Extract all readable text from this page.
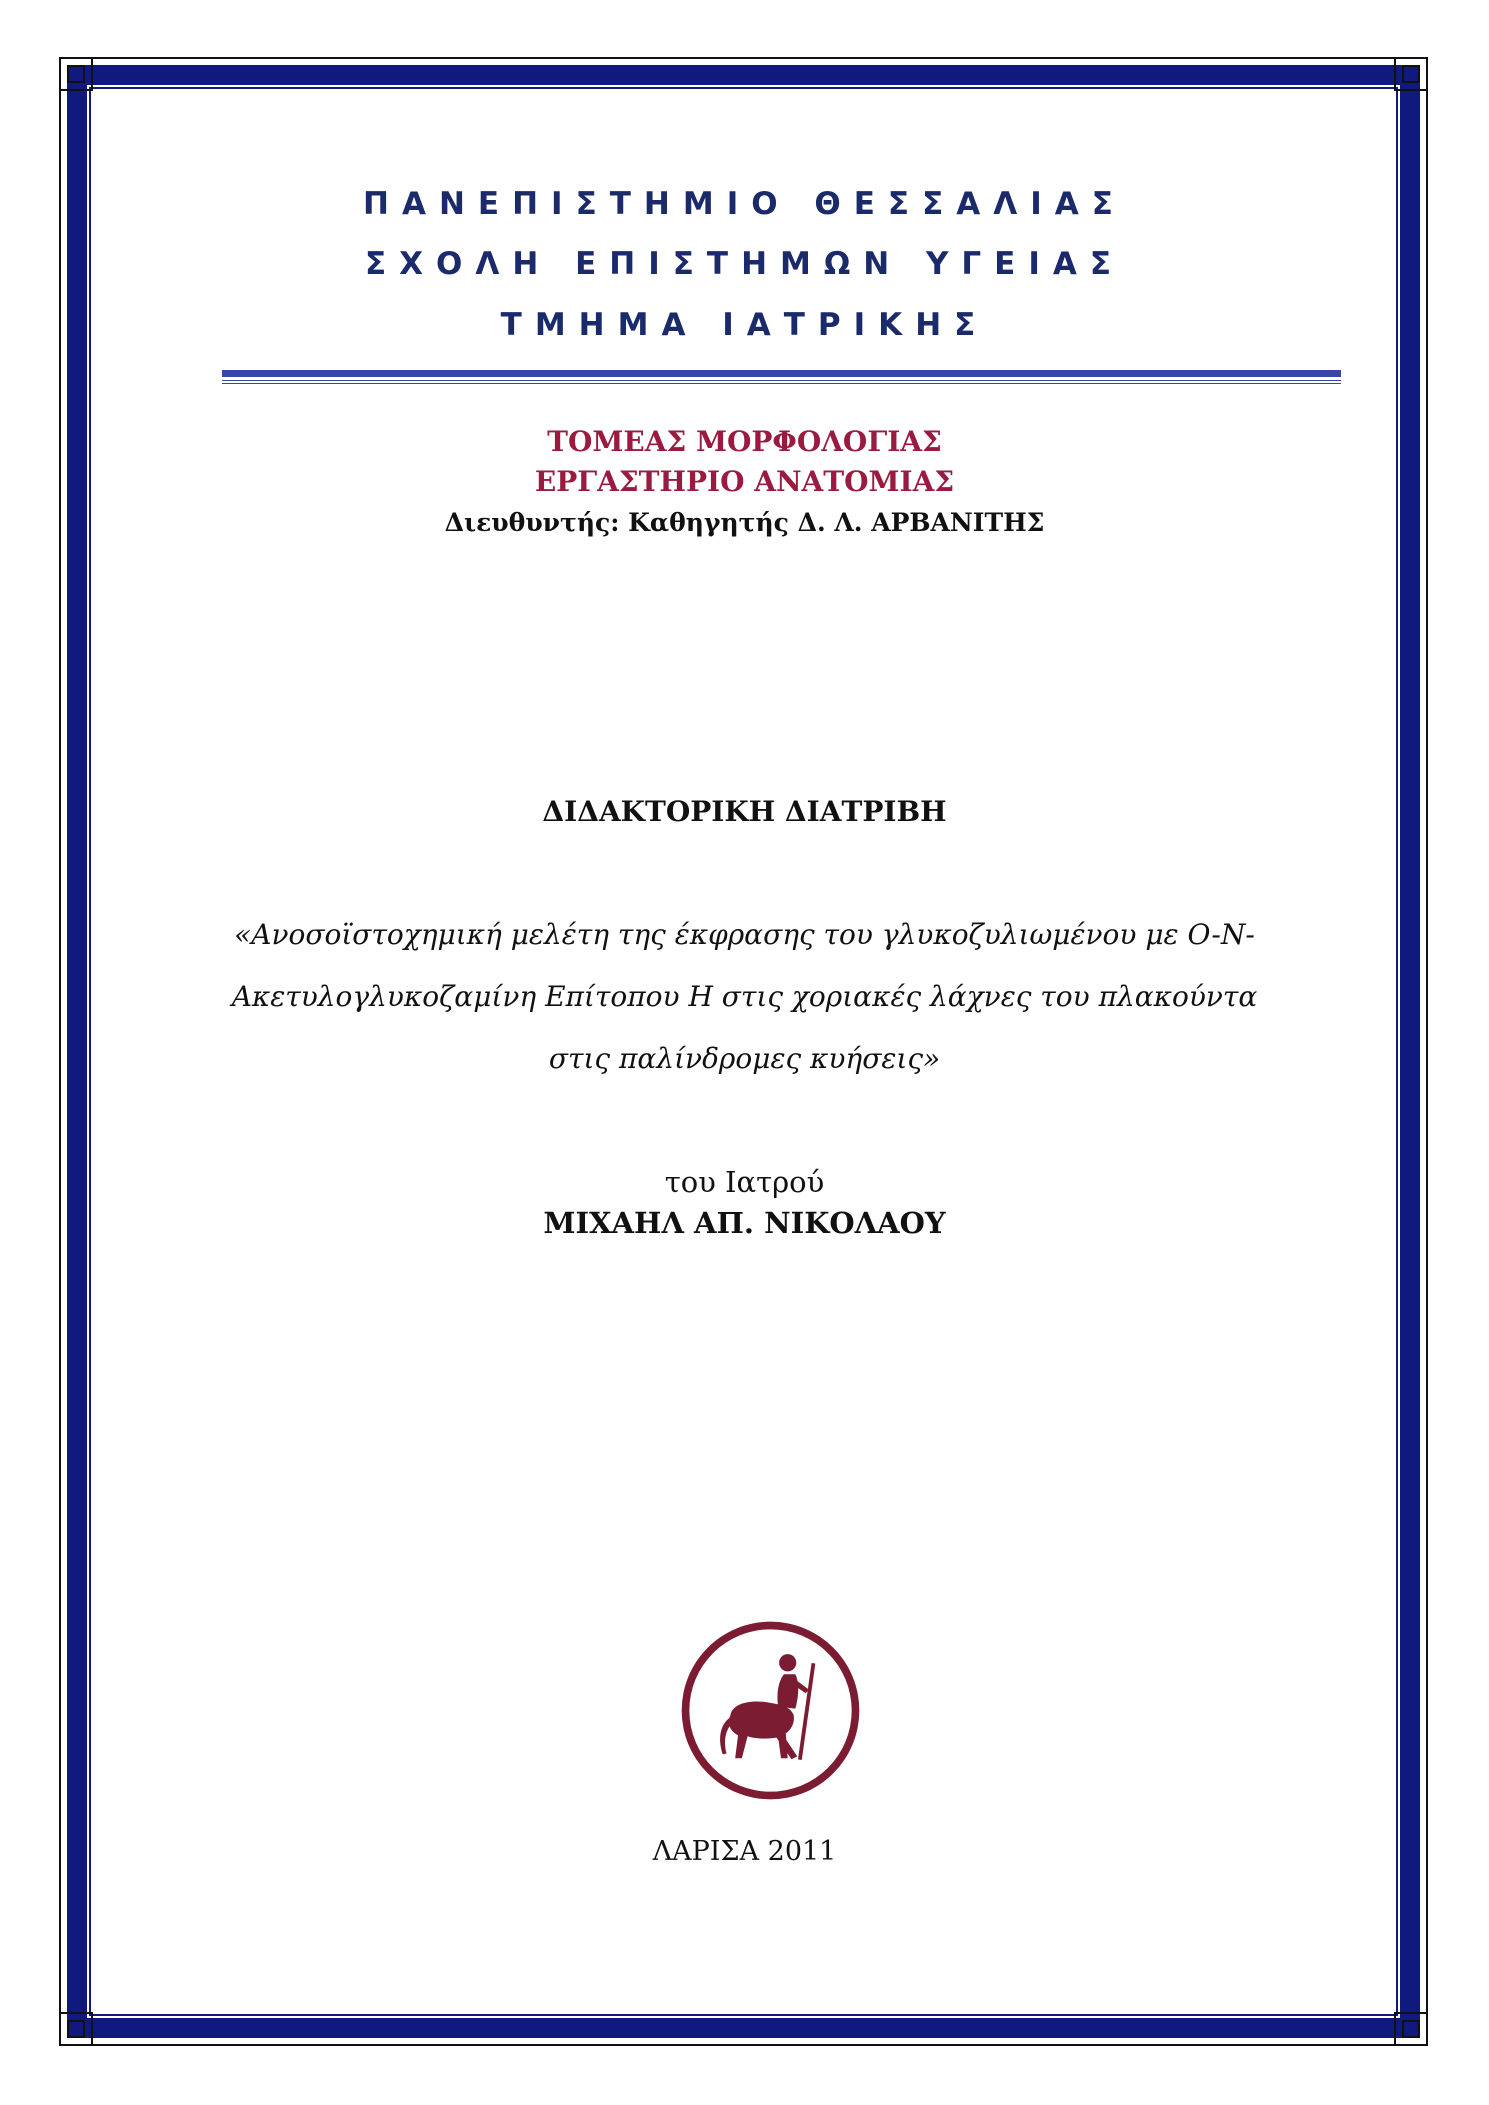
ΠΑΝΕΠΙΣΤΗΜΙΟ ΘΕΣΣΑΛΙΑΣ
ΣΧΟΛΗ ΕΠΙΣΤΗΜΩΝ ΥΓΕΙΑΣ
ΤΜΗΜΑ ΙΑΤΡΙΚΗΣ
ΤΟΜΕΑΣ ΜΟΡΦΟΛΟΓΙΑΣ
ΕΡΓΑΣΤΗΡΙΟ ΑΝΑΤΟΜΙΑΣ
Διευθυντής: Καθηγητής Δ. Λ. ΑΡΒΑΝΙΤΗΣ
ΔΙΔΑΚΤΟΡΙΚΗ ΔΙΑΤΡΙΒΗ
«Ανοσοϊστοχημική μελέτη της έκφρασης του γλυκοζυλιωμένου με O-N-
Ακετυλογλυκοζαμίνη Επίτοπου H στις χοριακές λάχνες του πλακούντα
στις παλίνδρομες κυήσεις»
του Ιατρού
ΜΙΧΑΗΛ ΑΠ. ΝΙΚΟΛΑΟΥ
ΛΑΡΙΣΑ 2011
